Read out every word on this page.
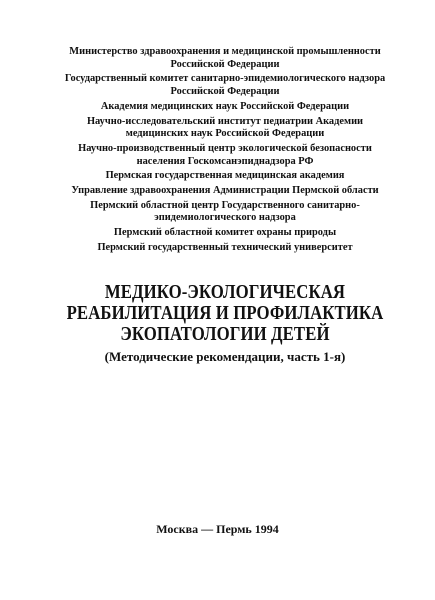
Министерство здравоохранения и медицинской промышленности
Российской Федерации
Государственный комитет санитарно-эпидемиологического надзора
Российской Федерации
Академия медицинских наук Российской Федерации
Научно-исследовательский институт педиатрии Академии
медицинских наук Российской Федерации
Научно-производственный центр экологической безопасности
населения Госкомсанэпиднадзора РФ
Пермская государственная медицинская академия
Управление здравоохранения Администрации Пермской области
Пермский областной центр Государственного санитарно-
эпидемиологического надзора
Пермский областной комитет охраны природы
Пермский государственный технический университет
МЕДИКО-ЭКОЛОГИЧЕСКАЯ
РЕАБИЛИТАЦИЯ И ПРОФИЛАКТИКА
ЭКОПАТОЛОГИИ ДЕТЕЙ
(Методические рекомендации, часть 1-я)
Москва — Пермь 1994
